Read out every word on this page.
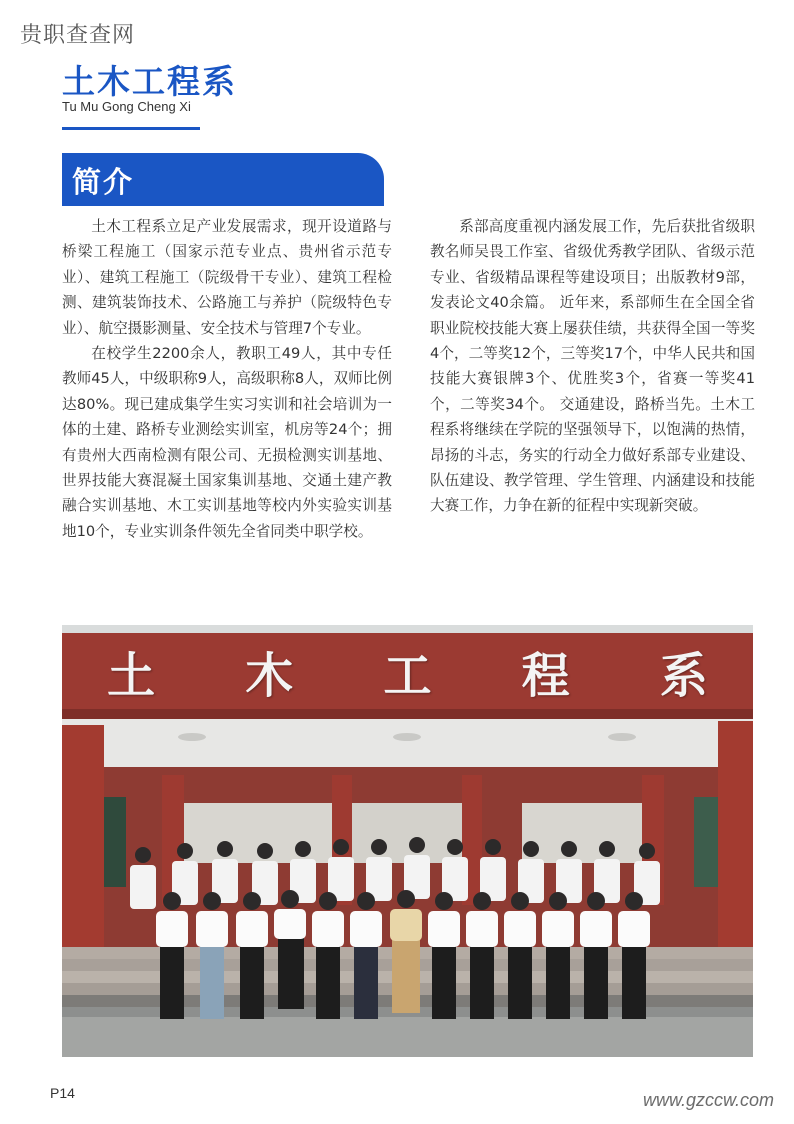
贵职查查网
土木工程系
Tu Mu Gong Cheng Xi
简介

土木工程系立足产业发展需求，现开设道路与桥梁工程施工（国家示范专业点、贵州省示范专业）、建筑工程施工（院级骨干专业）、建筑工程检测、建筑装饰技术、公路施工与养护（院级特色专业）、航空摄影测量、安全技术与管理7个专业。

在校学生2200余人，教职工49人，其中专任教师45人，中级职称9人，高级职称8人，双师比例达80%。现已建成集学生实习实训和社会培训为一体的土建、路桥专业测绘实训室，机房等24个；拥有贵州大西南检测有限公司、无损检测实训基地、世界技能大赛混凝土国家集训基地、交通土建产教融合实训基地、木工实训基地等校内外实验实训基地10个，专业实训条件领先全省同类中职学校。

系部高度重视内涵发展工作，先后获批省级职教名师吴畏工作室、省级优秀教学团队、省级示范专业、省级精品课程等建设项目；出版教材9部，发表论文40余篇。 近年来，系部师生在全国全省职业院校技能大赛上屡获佳绩，共获得全国一等奖4个，二等奖12个，三等奖17个，中华人民共和国技能大赛银牌3个、优胜奖3个，省赛一等奖41个，二等奖34个。 交通建设，路桥当先。土木工程系将继续在学院的坚强领导下，以饱满的热情，昂扬的斗志，务实的行动全力做好系部专业建设、队伍建设、教学管理、学生管理、内涵建设和技能大赛工作，力争在新的征程中实现新突破。

土 木 工 程 系
P14	www.gzccw.com
